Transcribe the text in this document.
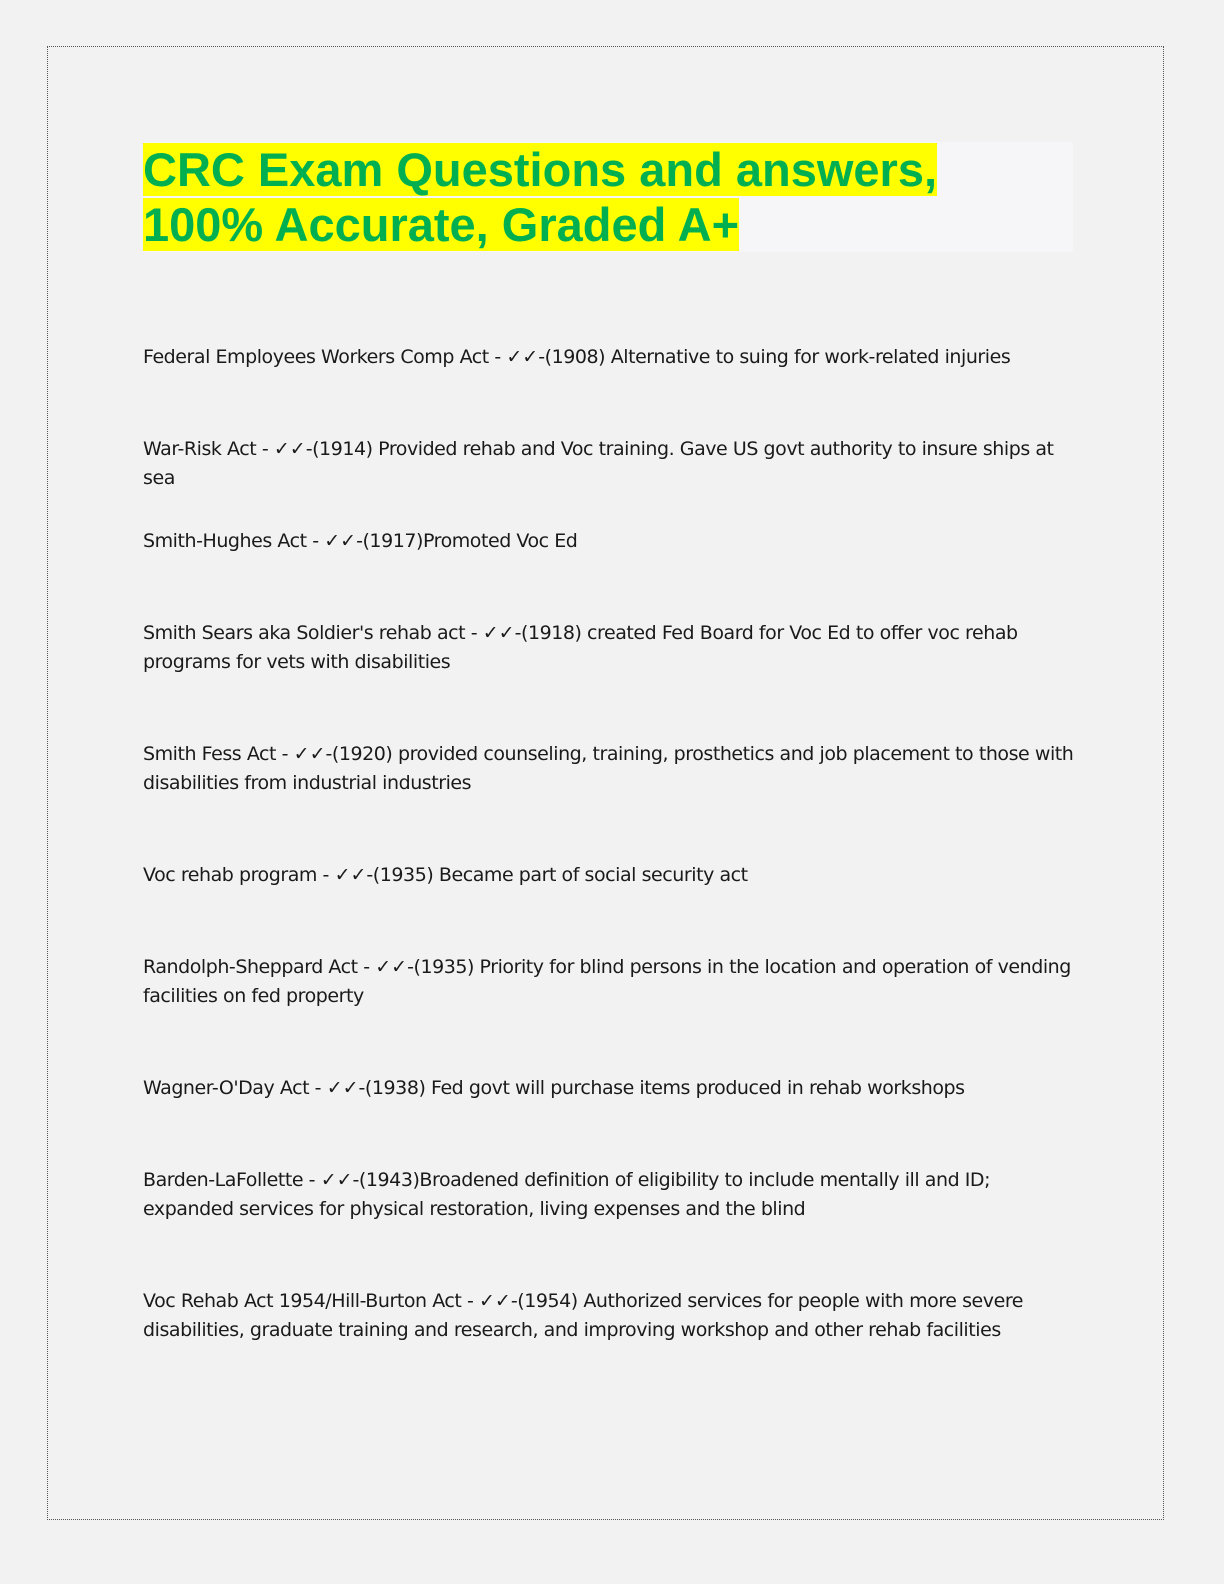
CRC Exam Questions and answers,
100% Accurate, Graded A+

Federal Employees Workers Comp Act - ✓✓-(1908) Alternative to suing for work-related injuries

War-Risk Act - ✓✓-(1914) Provided rehab and Voc training. Gave US govt authority to insure ships at sea

Smith-Hughes Act - ✓✓-(1917)Promoted Voc Ed

Smith Sears aka Soldier's rehab act - ✓✓-(1918) created Fed Board for Voc Ed to offer voc rehab programs for vets with disabilities

Smith Fess Act - ✓✓-(1920) provided counseling, training, prosthetics and job placement to those with disabilities from industrial industries

Voc rehab program - ✓✓-(1935) Became part of social security act

Randolph-Sheppard Act - ✓✓-(1935) Priority for blind persons in the location and operation of vending facilities on fed property

Wagner-O'Day Act - ✓✓-(1938) Fed govt will purchase items produced in rehab workshops

Barden-LaFollette - ✓✓-(1943)Broadened definition of eligibility to include mentally ill and ID; expanded services for physical restoration, living expenses and the blind

Voc Rehab Act 1954/Hill-Burton Act - ✓✓-(1954) Authorized services for people with more severe disabilities, graduate training and research, and improving workshop and other rehab facilities
